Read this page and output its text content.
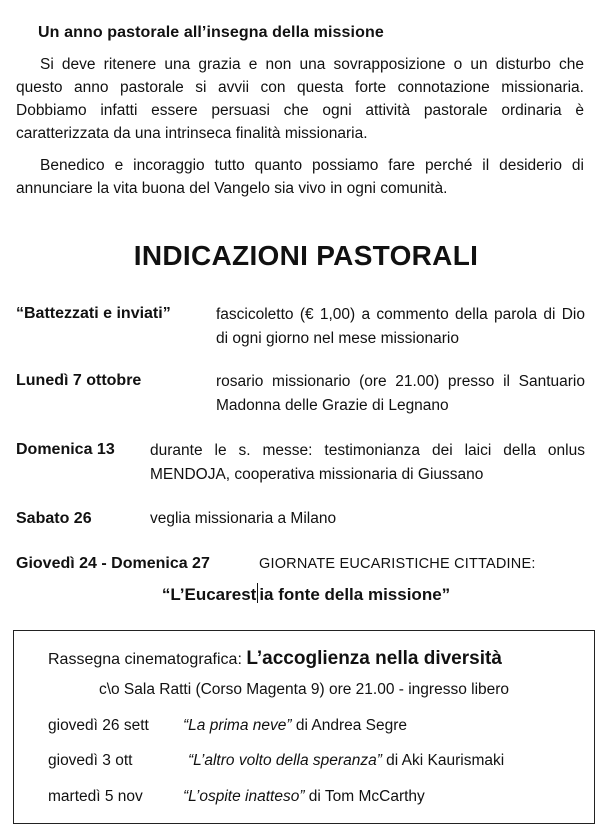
Un anno pastorale all’insegna della missione

Si deve ritenere una grazia e non una sovrapposizione o un disturbo che questo anno pastorale si avvii con questa forte connotazione missionaria. Dobbiamo infatti essere persuasi che ogni attività pastorale ordinaria è caratterizzata da una intrinseca finalità missionaria.

Benedico e incoraggio tutto quanto possiamo fare perché il desiderio di annunciare la vita buona del Vangelo sia vivo in ogni comunità.

INDICAZIONI PASTORALI
“Battezzati e inviati”	fascicoletto (€ 1,00) a commento della parola di Dio di ogni giorno nel mese missionario

Lunedì 7 ottobre	rosario missionario (ore 21.00) presso il Santuario Madonna delle Grazie di Legnano

Domenica 13 durante le s. messe: testimonianza dei laici della onlus MENDOJA, cooperativa missionaria di Giussano

Sabato 26	veglia missionaria a Milano
Giovedì 24 - Domenica 27	GIORNATE EUCARISTICHE CITTADINE:
“L’Eucarest ia fonte della missione”
Rassegna cinematografica: L’accoglienza nella diversità
c\o Sala Ratti (Corso Magenta 9) ore 21.00 - ingresso libero
giovedì 26 sett “La prima neve” di Andrea Segre
giovedì 3 ott	“L’altro volto della speranza” di Aki Kaurismaki
martedì 5 nov	“L’ospite inatteso” di Tom McCarthy
